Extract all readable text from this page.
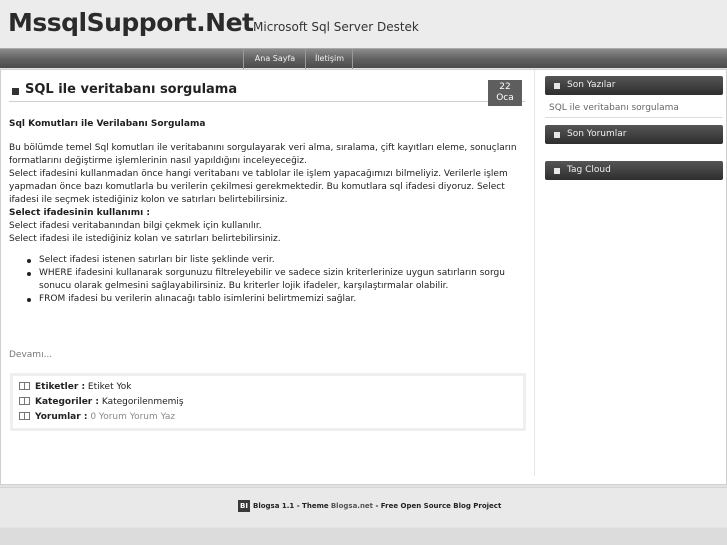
MssqlSupport.Net Microsoft Sql Server Destek
Ana Sayfa	İletişim
SQL ile veritabanı sorgulama	22
Oca

Sql Komutları ile Verilabanı Sorgulama

Bu bölümde temel Sql komutları ile veritabanını sorgulayarak veri alma, sıralama, çift kayıtları eleme, sonuçların formatlarını değiştirme işlemlerinin nasıl yapıldığını inceleyeceğiz.

Select ifadesini kullanmadan önce hangi veritabanı ve tablolar ile işlem yapacağımızı bilmeliyiz. Verilerle işlem yapmadan önce bazı komutlarla bu verilerin çekilmesi gerekmektedir. Bu komutlara sql ifadesi diyoruz. Select ifadesi ile seçmek istediğiniz kolon ve satırları belirtebilirsiniz.

Select ifadesinin kullanımı :

Select ifadesi veritabanından bilgi çekmek için kullanılır.

Select ifadesi ile istediğiniz kolan ve satırları belirtebilirsiniz.

Select ifadesi istenen satırları bir liste şeklinde verir.
WHERE ifadesini kullanarak sorgunuzu filtreleyebilir ve sadece sizin kriterlerinize uygun satırların sorgu sonucu olarak gelmesini sağlayabilirsiniz. Bu kriterler lojik ifadeler, karşılaştırmalar olabilir.
FROM ifadesi bu verilerin alınacağı tablo isimlerini belirtmemizi sağlar.
Devamı...
Etiketler : Etiket Yok
Kategoriler : Kategorilenmemiş
Yorumlar : 0 Yorum Yorum Yaz
Son Yazılar
SQL ile veritabanı sorgulama
Son Yorumlar
Tag Cloud
BI Blogsa 1.1 - Theme Blogsa.net - Free Open Source Blog Project
